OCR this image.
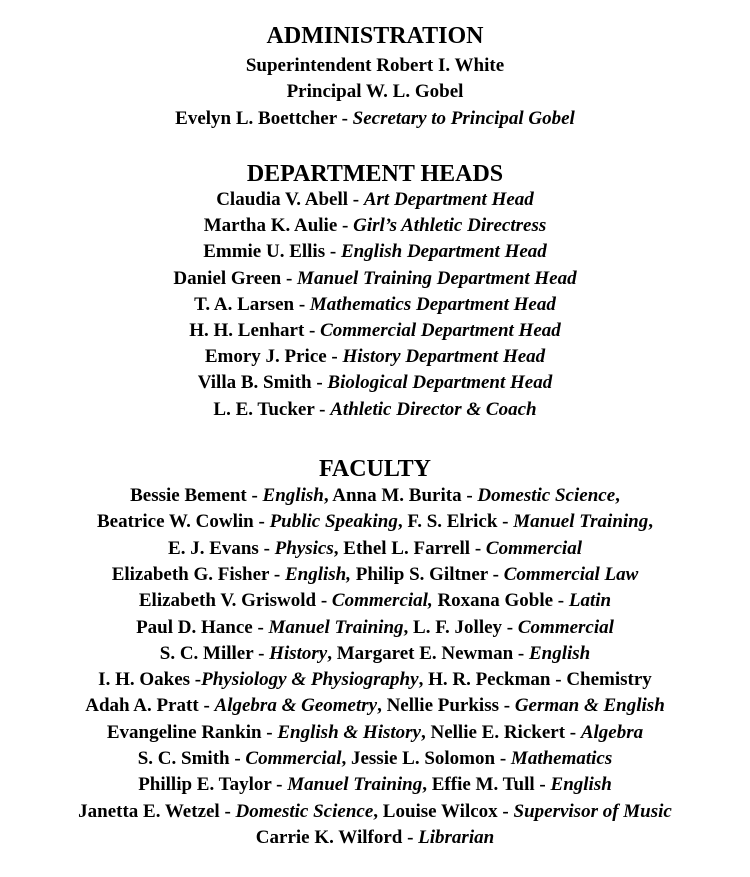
ADMINISTRATION
Superintendent Robert I. White
Principal W. L. Gobel
Evelyn L. Boettcher - Secretary to Principal Gobel
DEPARTMENT HEADS
Claudia V. Abell - Art Department Head
Martha K. Aulie - Girl’s Athletic Directress
Emmie U. Ellis - English Department Head
Daniel Green - Manuel Training Department Head
T. A. Larsen - Mathematics Department Head
H. H. Lenhart - Commercial Department Head
Emory J. Price - History Department Head
Villa B. Smith - Biological Department Head
L. E. Tucker - Athletic Director & Coach
FACULTY
Bessie Bement - English, Anna M. Burita - Domestic Science,
Beatrice W. Cowlin - Public Speaking, F. S. Elrick - Manuel Training,
E. J. Evans - Physics, Ethel L. Farrell - Commercial
Elizabeth G. Fisher - English, Philip S. Giltner - Commercial Law
Elizabeth V. Griswold - Commercial, Roxana Goble - Latin
Paul D. Hance - Manuel Training, L. F. Jolley - Commercial
S. C. Miller - History, Margaret E. Newman - English
I. H. Oakes -Physiology & Physiography, H. R. Peckman - Chemistry
Adah A. Pratt - Algebra & Geometry, Nellie Purkiss - German & English
Evangeline Rankin - English & History, Nellie E. Rickert - Algebra
S. C. Smith - Commercial, Jessie L. Solomon - Mathematics
Phillip E. Taylor - Manuel Training, Effie M. Tull - English
Janetta E. Wetzel - Domestic Science, Louise Wilcox - Supervisor of Music
Carrie K. Wilford - Librarian
